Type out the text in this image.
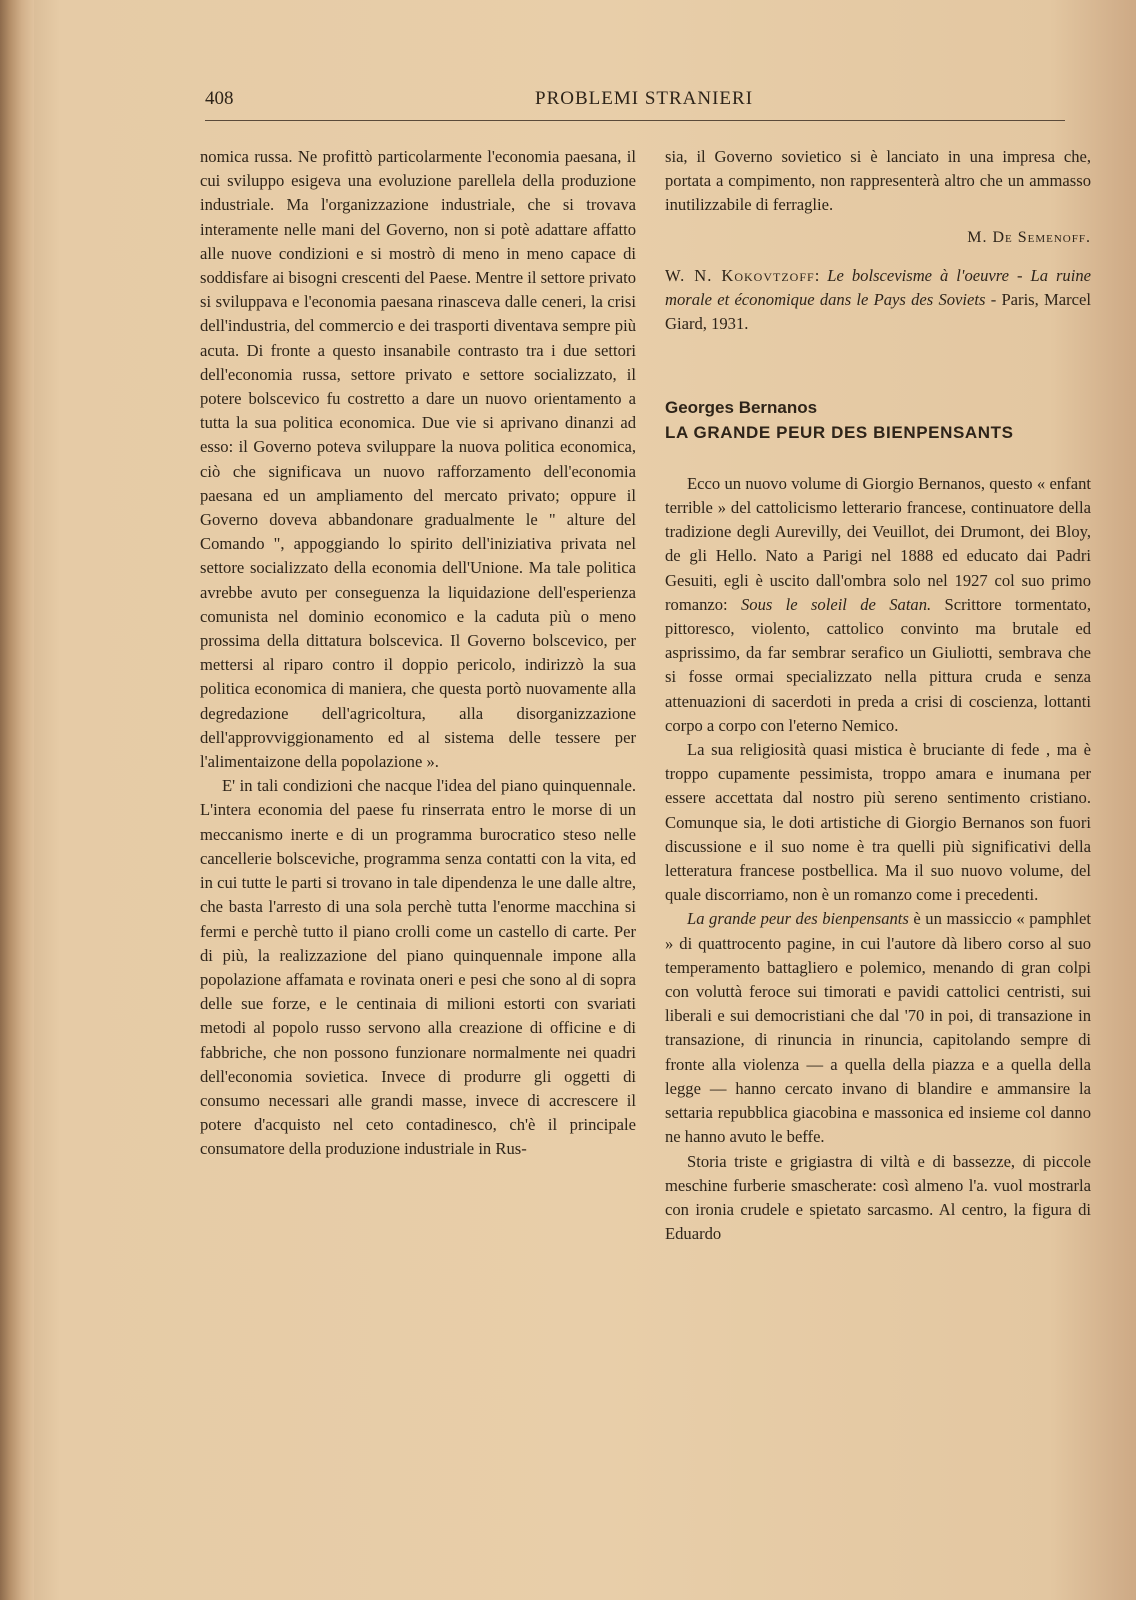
408	PROBLEMI STRANIERI

nomica russa. Ne profittò particolarmente l'economia paesana, il cui sviluppo esigeva una evoluzione parellela della produzione industriale. Ma l'organizzazione industriale, che si trovava interamente nelle mani del Governo, non si potè adattare affatto alle nuove condizioni e si mostrò di meno in meno capace di soddisfare ai bisogni crescenti del Paese. Mentre il settore privato si sviluppava e l'economia paesana rinasceva dalle ceneri, la crisi dell'industria, del commercio e dei trasporti diventava sempre più acuta. Di fronte a questo insanabile contrasto tra i due settori dell'economia russa, settore privato e settore socializzato, il potere bolscevico fu costretto a dare un nuovo orientamento a tutta la sua politica economica. Due vie si aprivano dinanzi ad esso: il Governo poteva sviluppare la nuova politica economica, ciò che significava un nuovo rafforzamento dell'economia paesana ed un ampliamento del mercato privato; oppure il Governo doveva abbandonare gradualmente le " alture del Comando ", appoggiando lo spirito dell'iniziativa privata nel settore socializzato della economia dell'Unione. Ma tale politica avrebbe avuto per conseguenza la liquidazione dell'esperienza comunista nel dominio economico e la caduta più o meno prossima della dittatura bolscevica. Il Governo bolscevico, per mettersi al riparo contro il doppio pericolo, indirizzò la sua politica economica di maniera, che questa portò nuovamente alla degredazione dell'agricoltura, alla disorganizzazione dell'approvviggionamento ed al sistema delle tessere per l'alimentaizone della popolazione ».

E' in tali condizioni che nacque l'idea del piano quinquennale. L'intera economia del paese fu rinserrata entro le morse di un meccanismo inerte e di un programma burocratico steso nelle cancellerie bolsceviche, programma senza contatti con la vita, ed in cui tutte le parti si trovano in tale dipendenza le une dalle altre, che basta l'arresto di una sola perchè tutta l'enorme macchina si fermi e perchè tutto il piano crolli come un castello di carte. Per di più, la realizzazione del piano quinquennale impone alla popolazione affamata e rovinata oneri e pesi che sono al di sopra delle sue forze, e le centinaia di milioni estorti con svariati metodi al popolo russo servono alla creazione di officine e di fabbriche, che non possono funzionare normalmente nei quadri dell'economia sovietica. Invece di produrre gli oggetti di consumo necessari alle grandi masse, invece di accrescere il potere d'acquisto nel ceto contadinesco, ch'è il principale consumatore della produzione industriale in Rus-

sia, il Governo sovietico si è lanciato in una impresa che, portata a compimento, non rappresenterà altro che un ammasso inutilizzabile di ferraglie.

M. De Semenoff.

W. N. Kokovtzoff: Le bolscevisme à l'oeuvre - La ruine morale et économique dans le Pays des Soviets - Paris, Marcel Giard, 1931.

Georges Bernanos

LA GRANDE PEUR DES BIENPENSANTS

Ecco un nuovo volume di Giorgio Bernanos, questo « enfant terrible » del cattolicismo letterario francese, continuatore della tradizione degli Aurevilly, dei Veuillot, dei Drumont, dei Bloy, de gli Hello. Nato a Parigi nel 1888 ed educato dai Padri Gesuiti, egli è uscito dall'ombra solo nel 1927 col suo primo romanzo: Sous le soleil de Satan. Scrittore tormentato, pittoresco, violento, cattolico convinto ma brutale ed asprissimo, da far sembrar serafico un Giuliotti, sembrava che si fosse ormai specializzato nella pittura cruda e senza attenuazioni di sacerdoti in preda a crisi di coscienza, lottanti corpo a corpo con l'eterno Nemico.

La sua religiosità quasi mistica è bruciante di fede , ma è troppo cupamente pessimista, troppo amara e inumana per essere accettata dal nostro più sereno sentimento cristiano. Comunque sia, le doti artistiche di Giorgio Bernanos son fuori discussione e il suo nome è tra quelli più significativi della letteratura francese postbellica. Ma il suo nuovo volume, del quale discorriamo, non è un romanzo come i precedenti.

La grande peur des bienpensants è un massiccio « pamphlet » di quattrocento pagine, in cui l'autore dà libero corso al suo temperamento battagliero e polemico, menando di gran colpi con voluttà feroce sui timorati e pavidi cattolici centristi, sui liberali e sui democristiani che dal '70 in poi, di transazione in transazione, di rinuncia in rinuncia, capitolando sempre di fronte alla violenza — a quella della piazza e a quella della legge — hanno cercato invano di blandire e ammansire la settaria repubblica giacobina e massonica ed insieme col danno ne hanno avuto le beffe.

Storia triste e grigiastra di viltà e di bassezze, di piccole meschine furberie smascherate: così almeno l'a. vuol mostrarla con ironia crudele e spietato sarcasmo. Al centro, la figura di Eduardo
